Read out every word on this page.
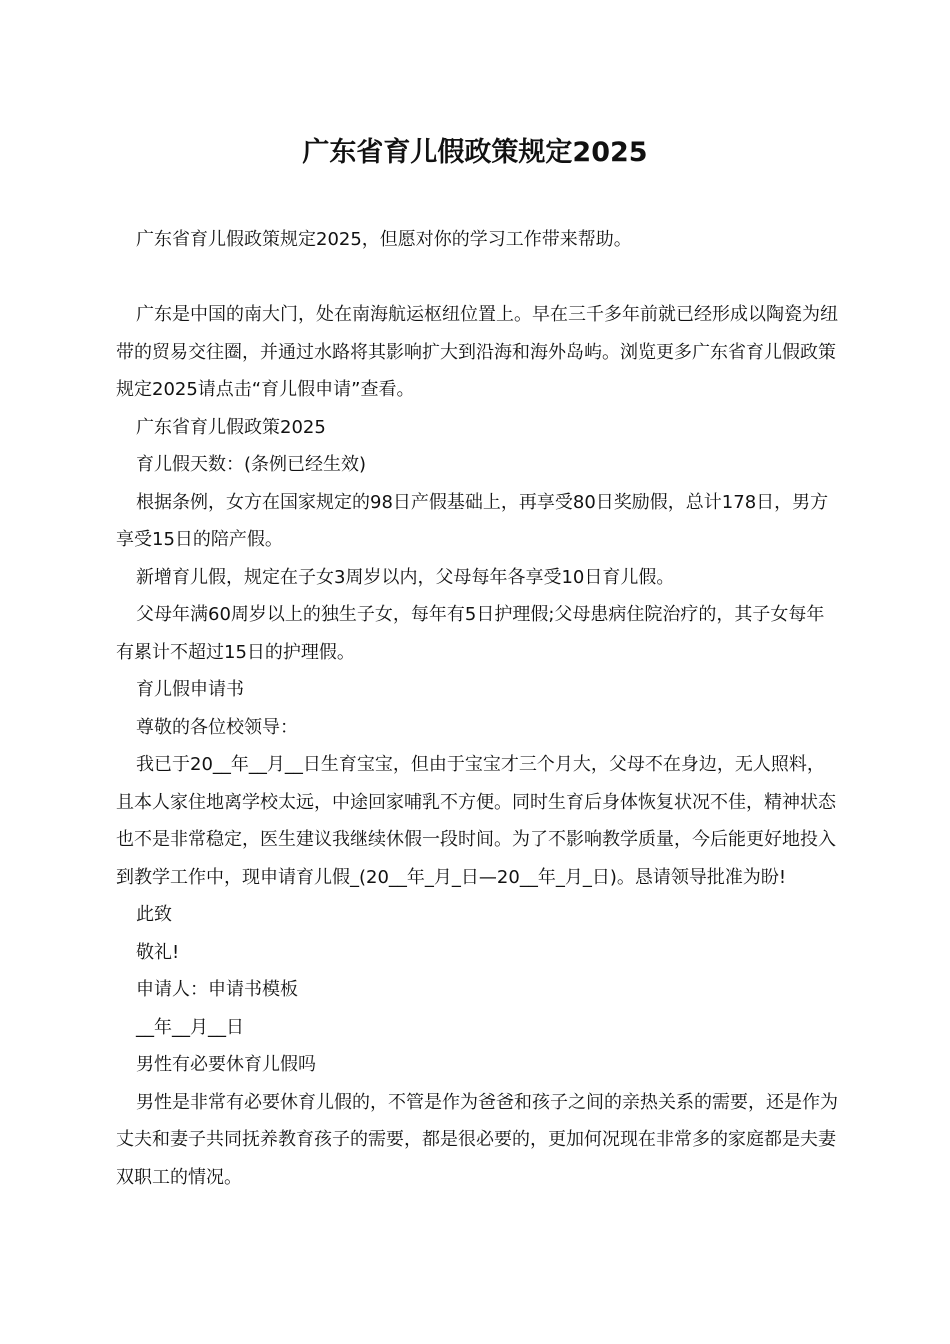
广东省育儿假政策规定2025

广东省育儿假政策规定2025，但愿对你的学习工作带来帮助。

广东是中国的南大门，处在南海航运枢纽位置上。早在三千多年前就已经形成以陶瓷为纽带的贸易交往圈，并通过水路将其影响扩大到沿海和海外岛屿。浏览更多广东省育儿假政策规定2025请点击“育儿假申请”查看。

广东省育儿假政策2025

育儿假天数：(条例已经生效)

根据条例，女方在国家规定的98日产假基础上，再享受80日奖励假，总计178日，男方享受15日的陪产假。

新增育儿假，规定在子女3周岁以内，父母每年各享受10日育儿假。

父母年满60周岁以上的独生子女，每年有5日护理假;父母患病住院治疗的，其子女每年有累计不超过15日的护理假。

育儿假申请书

尊敬的各位校领导：

我已于20__年__月__日生育宝宝，但由于宝宝才三个月大，父母不在身边，无人照料，且本人家住地离学校太远，中途回家哺乳不方便。同时生育后身体恢复状况不佳，精神状态也不是非常稳定，医生建议我继续休假一段时间。为了不影响教学质量，今后能更好地投入到教学工作中，现申请育儿假_(20__年_月_日—20__年_月_日)。恳请领导批准为盼!

此致

敬礼!

申请人：申请书模板

__年__月__日

男性有必要休育儿假吗

男性是非常有必要休育儿假的，不管是作为爸爸和孩子之间的亲热关系的需要，还是作为丈夫和妻子共同抚养教育孩子的需要，都是很必要的，更加何况现在非常多的家庭都是夫妻双职工的情况。
